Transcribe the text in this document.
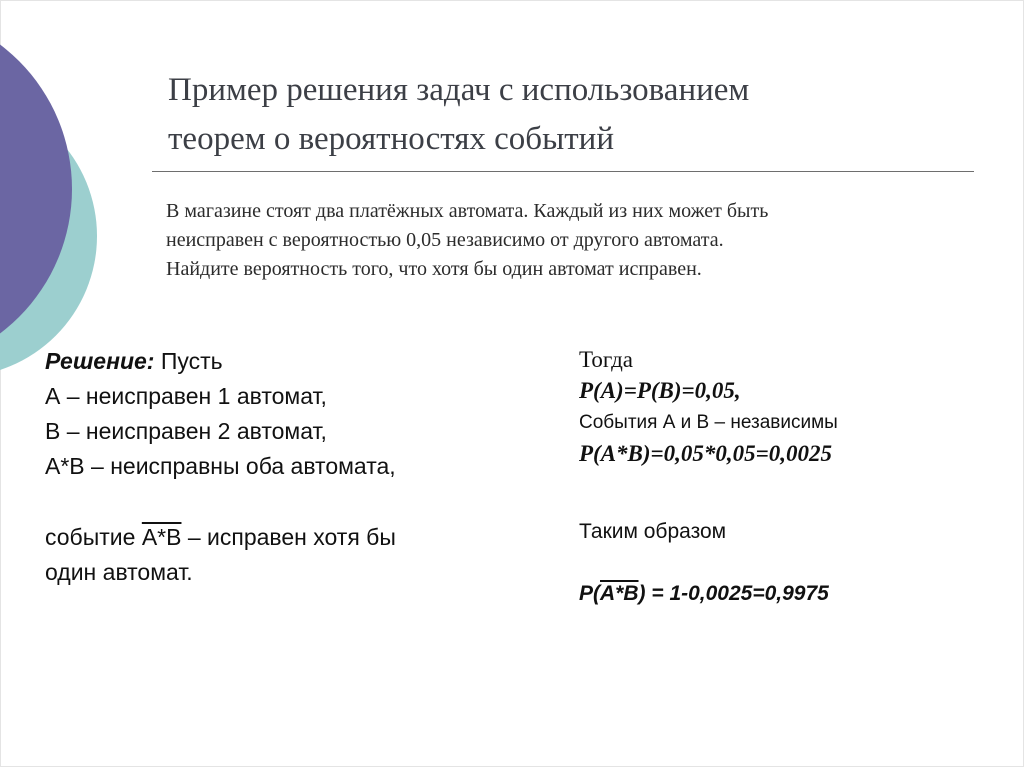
Пример решения задач с использованием
теорем о вероятностях событий

В магазине стоят два платёжных автомата. Каждый из них может быть
неисправен с вероятностью 0,05 независимо от другого автомата.
Найдите вероятность того, что хотя бы один автомат исправен.

Решение: Пусть
А – неисправен 1 автомат,
В – неисправен 2 автомат,
А*В – неисправны оба автомата,
событие А*В – исправен хотя бы
один автомат.
Тогда
P(A)=P(B)=0,05,
События А и В – независимы
P(A*B)=0,05*0,05=0,0025
Таким образом
P(А*В) = 1-0,0025=0,9975
